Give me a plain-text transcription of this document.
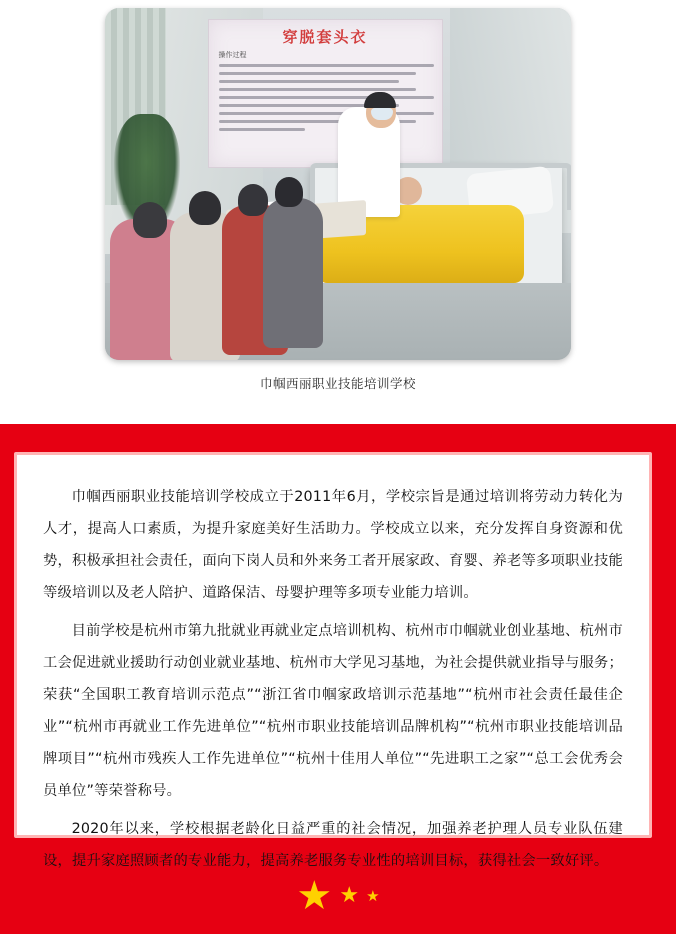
穿脱套头衣
操作过程
巾帼西丽职业技能培训学校

巾帼西丽职业技能培训学校成立于2011年6月，学校宗旨是通过培训将劳动力转化为人才，提高人口素质，为提升家庭美好生活助力。学校成立以来，充分发挥自身资源和优势，积极承担社会责任，面向下岗人员和外来务工者开展家政、育婴、养老等多项职业技能等级培训以及老人陪护、道路保洁、母婴护理等多项专业能力培训。

目前学校是杭州市第九批就业再就业定点培训机构、杭州市巾帼就业创业基地、杭州市工会促进就业援助行动创业就业基地、杭州市大学见习基地，为社会提供就业指导与服务；荣获“全国职工教育培训示范点”“浙江省巾帼家政培训示范基地”“杭州市社会责任最佳企业”“杭州市再就业工作先进单位”“杭州市职业技能培训品牌机构”“杭州市职业技能培训品牌项目”“杭州市残疾人工作先进单位”“杭州十佳用人单位”“先进职工之家”“总工会优秀会员单位”等荣誉称号。

2020年以来，学校根据老龄化日益严重的社会情况，加强养老护理人员专业队伍建设，提升家庭照顾者的专业能力，提高养老服务专业性的培训目标，获得社会一致好评。

★ ★ ★
